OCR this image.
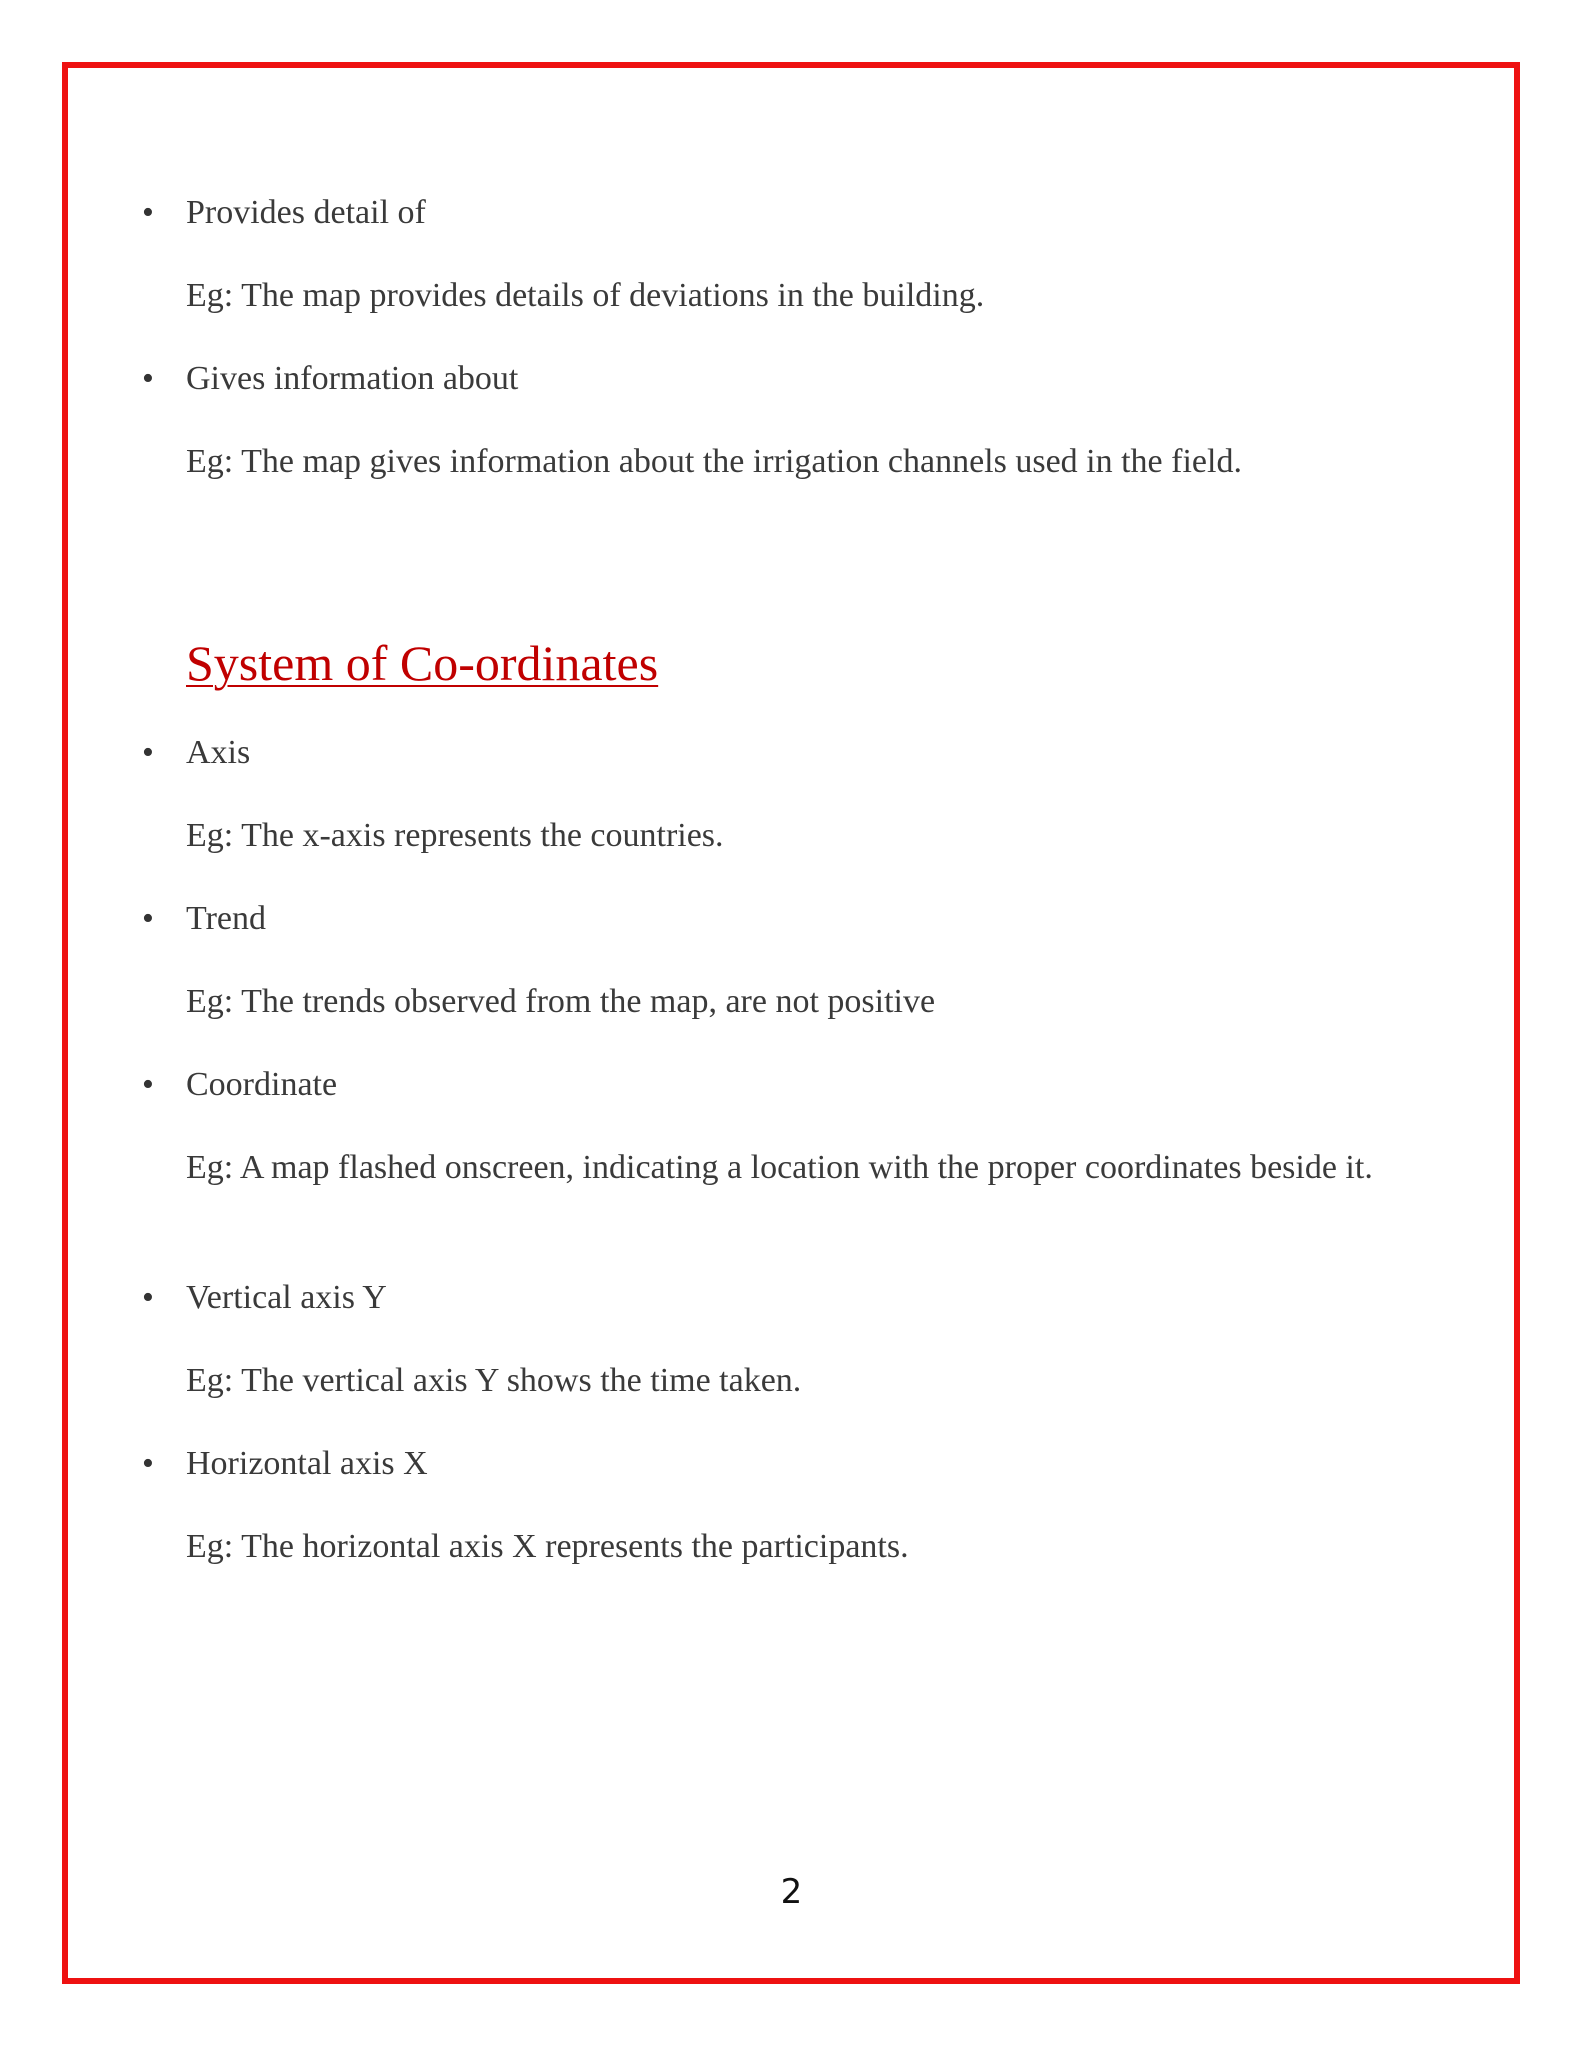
• Provides detail of
Eg: The map provides details of deviations in the building.
• Gives information about
Eg: The map gives information about the irrigation channels used in the field.
System of Co-ordinates
• Axis
Eg: The x-axis represents the countries.
• Trend
Eg: The trends observed from the map, are not positive
• Coordinate
Eg: A map flashed onscreen, indicating a location with the proper coordinates beside it.
• Vertical axis Y
Eg: The vertical axis Y shows the time taken.
• Horizontal axis X
Eg: The horizontal axis X represents the participants.
2
